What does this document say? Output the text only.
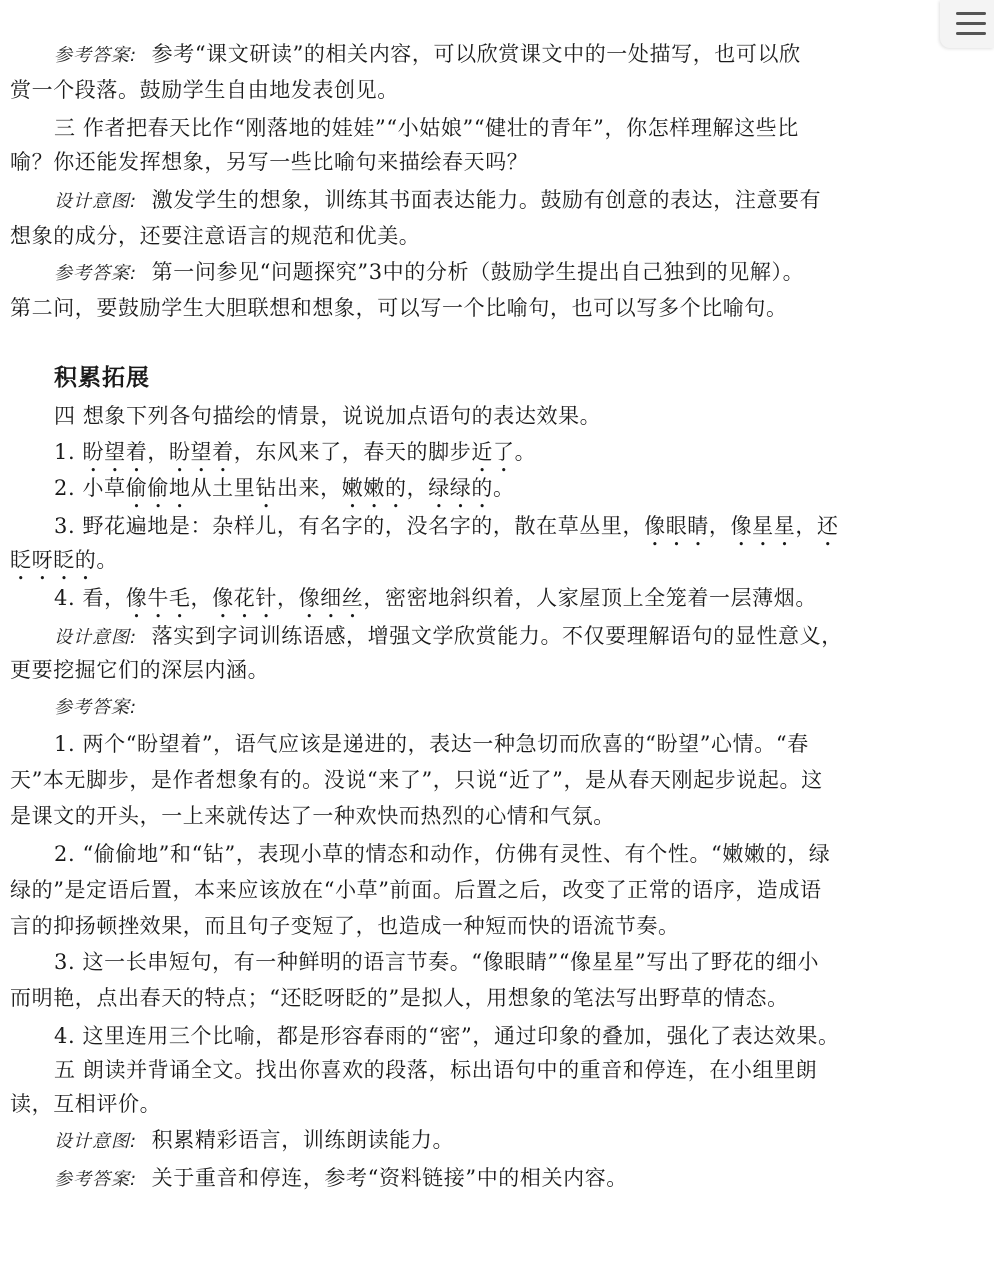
参考答案: 参考“课文研读”的相关内容，可以欣赏课文中的一处描写，也可以欣
赏一个段落。鼓励学生自由地发表创见。
三 作者把春天比作“刚落地的娃娃”“小姑娘”“健壮的青年”，你怎样理解这些比
喻？你还能发挥想象，另写一些比喻句来描绘春天吗？
设计意图: 激发学生的想象，训练其书面表达能力。鼓励有创意的表达，注意要有
想象的成分，还要注意语言的规范和优美。
参考答案: 第一问参见“问题探究”3中的分析（鼓励学生提出自己独到的见解）。
第二问，要鼓励学生大胆联想和想象，可以写一个比喻句，也可以写多个比喻句。
积累拓展
四 想象下列各句描绘的情景，说说加点语句的表达效果。
1. 盼望着，盼望着，东风来了，春天的脚步近了。
2. 小草偷偷地从土里钻出来，嫩嫩的，绿绿的。
3. 野花遍地是：杂样儿，有名字的，没名字的，散在草丛里，像眼睛，像星星，还
眨呀眨的。
4. 看，像牛毛，像花针，像细丝，密密地斜织着，人家屋顶上全笼着一层薄烟。
设计意图: 落实到字词训练语感，增强文学欣赏能力。不仅要理解语句的显性意义，
更要挖掘它们的深层内涵。
参考答案:
1. 两个“盼望着”，语气应该是递进的，表达一种急切而欣喜的“盼望”心情。“春
天”本无脚步，是作者想象有的。没说“来了”，只说“近了”，是从春天刚起步说起。这
是课文的开头，一上来就传达了一种欢快而热烈的心情和气氛。
2. “偷偷地”和“钻”，表现小草的情态和动作，仿佛有灵性、有个性。“嫩嫩的，绿
绿的”是定语后置，本来应该放在“小草”前面。后置之后，改变了正常的语序，造成语
言的抑扬顿挫效果，而且句子变短了，也造成一种短而快的语流节奏。
3. 这一长串短句，有一种鲜明的语言节奏。“像眼睛”“像星星”写出了野花的细小
而明艳，点出春天的特点；“还眨呀眨的”是拟人，用想象的笔法写出野草的情态。
4. 这里连用三个比喻，都是形容春雨的“密”，通过印象的叠加，强化了表达效果。
五 朗读并背诵全文。找出你喜欢的段落，标出语句中的重音和停连，在小组里朗
读，互相评价。
设计意图: 积累精彩语言，训练朗读能力。
参考答案: 关于重音和停连，参考“资料链接”中的相关内容。
